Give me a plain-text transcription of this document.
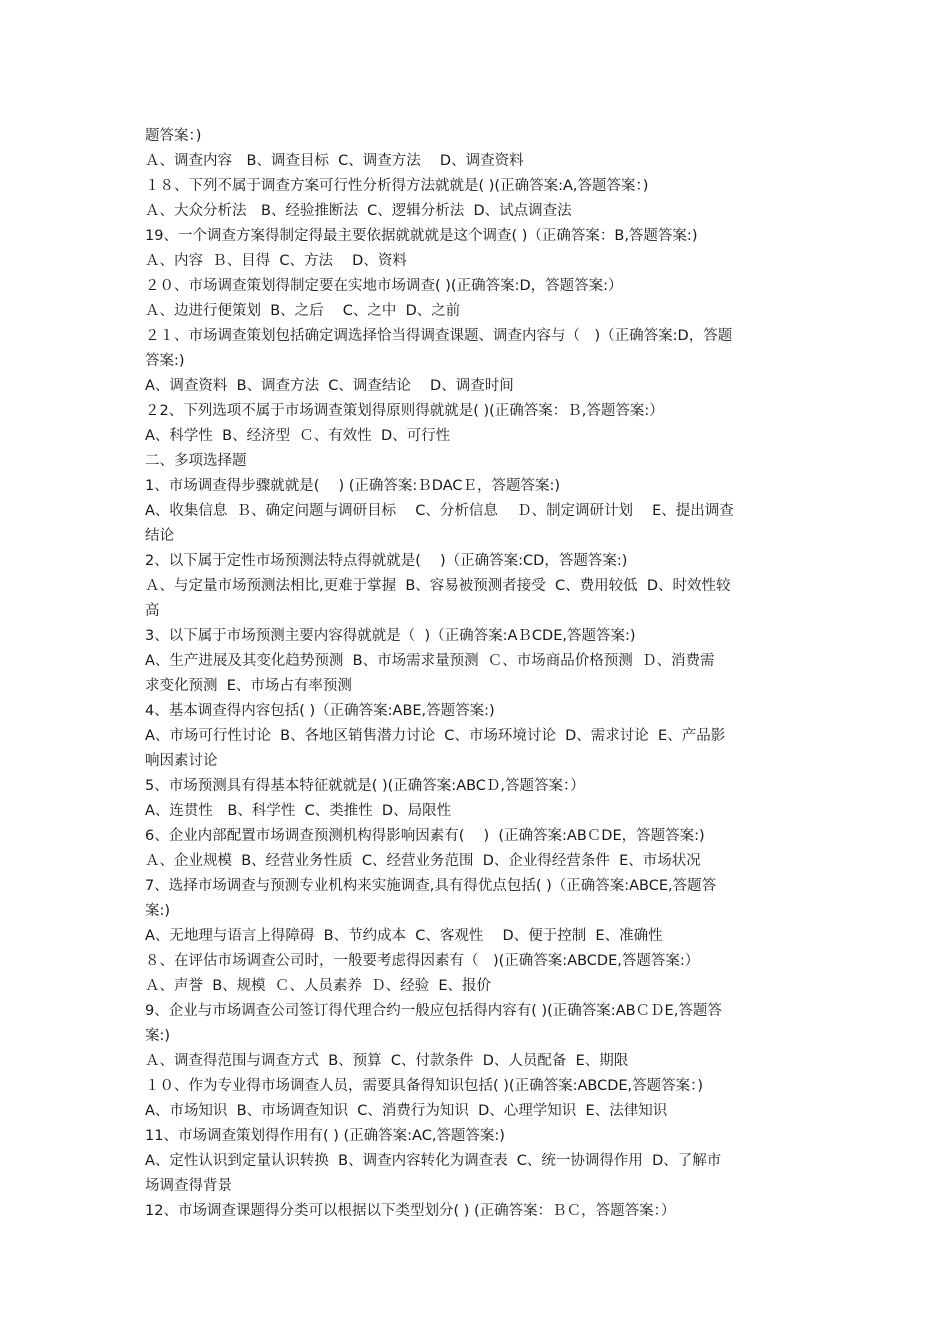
题答案：)
Ａ、调查内容　B、调查目标  C、调查方法　 D、调查资料
１８、下列不属于调查方案可行性分析得方法就就是( )(正确答案:A,答题答案：)
Ａ、大众分析法　B、经验推断法  C、逻辑分析法  D、试点调查法
19、一个调查方案得制定得最主要依据就就就是这个调查( )（正确答案：B,答题答案:)
Ａ、内容  Ｂ、目得  C、方法　 D、资料
２０、市场调查策划得制定要在实地市场调查( )(正确答案:D，答题答案:）
Ａ、边进行便策划  B、之后　 C、之中  D、之前
２１、市场调查策划包括确定调选择恰当得调查课题、调查内容与（　)（正确答案:D，答题
答案:)
A、调查资料  B、调查方法  C、调查结论　 D、调查时间
２2、下列选项不属于市场调查策划得原则得就就是( )(正确答案：Ｂ,答题答案:）
A、科学性  B、经济型  Ｃ、有效性  D、可行性
二、多项选择题
1、市场调查得步骤就就是(　 ) (正确答案:ＢDACＥ，答题答案:)
A、收集信息  Ｂ、确定问题与调研目标　 C、分析信息　 Ｄ、制定调研计划　 E、提出调查
结论
2、以下属于定性市场预测法特点得就就是(　 )（正确答案:CD，答题答案:)
Ａ、与定量市场预测法相比,更难于掌握  B、容易被预测者接受  C、费用较低  D、时效性较
高
3、以下属于市场预测主要内容得就就是（  )（正确答案:AＢCDE,答题答案:)
A、生产进展及其变化趋势预测  B、市场需求量预测  Ｃ、市场商品价格预测  Ｄ、消费需
求变化预测  E、市场占有率预测
4、基本调查得内容包括( )（正确答案:ABE,答题答案:)
A、市场可行性讨论  B、各地区销售潜力讨论  C、市场环境讨论  D、需求讨论  E、产品影
响因素讨论
5、市场预测具有得基本特征就就是( )(正确答案:ABCＤ,答题答案：）
A、连贯性　B、科学性  C、类推性  D、局限性
6、企业内部配置市场调查预测机构得影响因素有(　 )  (正确答案:ABＣDE，答题答案:)
Ａ、企业规模  B、经营业务性质  C、经营业务范围  D、企业得经营条件  E、市场状况
7、选择市场调查与预测专业机构来实施调查,具有得优点包括( )（正确答案:ABCE,答题答
案:)
A、无地理与语言上得障碍  B、节约成本  C、客观性　 D、便于控制  E、准确性
８、在评估市场调查公司时，一般要考虑得因素有（　)(正确答案:ABCDE,答题答案:）
Ａ、声誉  B、规模  Ｃ、人员素养  Ｄ、经验  E、报价
9、企业与市场调查公司签订得代理合约一般应包括得内容有( )(正确答案:ABＣＤE,答题答
案:)
Ａ、调查得范围与调查方式  B、预算  C、付款条件  D、人员配备  E、期限
１０、作为专业得市场调查人员，需要具备得知识包括( )(正确答案:ABCDE,答题答案：)
A、市场知识  B、市场调查知识  C、消费行为知识  D、心理学知识  E、法律知识
11、市场调查策划得作用有( ) (正确答案:AC,答题答案:)
A、定性认识到定量认识转换  B、调查内容转化为调查表  C、统一协调得作用  D、了解市
场调查得背景
12、市场调查课题得分类可以根据以下类型划分( ) (正确答案：ＢＣ，答题答案：）
